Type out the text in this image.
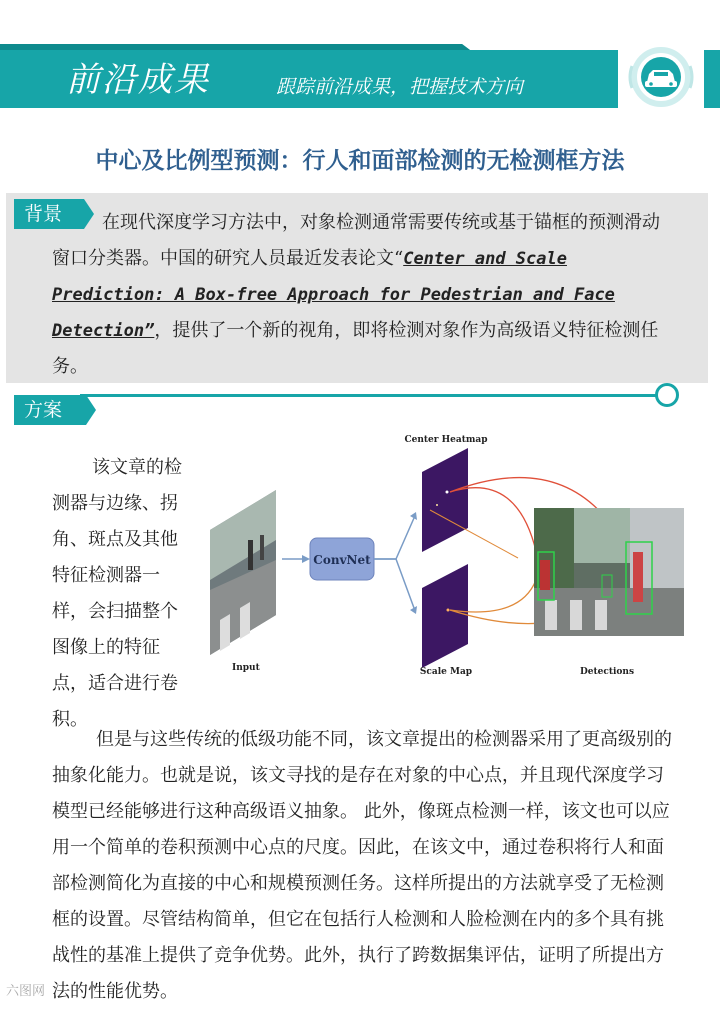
前沿成果	跟踪前沿成果，把握技术方向
中心及比例型预测：行人和面部检测的无检测框方法
背景	在现代深度学习方法中，对象检测通常需要传统或基于锚框的预测滑动窗口分类器。中国的研究人员最近发表论文“Center and Scale Prediction: A Box-free Approach for Pedestrian and Face Detection”，提供了一个新的视角，即将检测对象作为高级语义特征检测任务。
方案
该文章的检测器与边缘、拐角、斑点及其他特征检测器一样，会扫描整个图像上的特征点，适合进行卷积。
Input
ConvNet
Center Heatmap
Scale Map	Detections
但是与这些传统的低级功能不同，该文章提出的检测器采用了更高级别的抽象化能力。也就是说，该文寻找的是存在对象的中心点，并且现代深度学习模型已经能够进行这种高级语义抽象。 此外，像斑点检测一样，该文也可以应用一个简单的卷积预测中心点的尺度。因此，在该文中，通过卷积将行人和面部检测简化为直接的中心和规模预测任务。这样所提出的方法就享受了无检测框的设置。尽管结构简单，但它在包括行人检测和人脸检测在内的多个具有挑战性的基准上提供了竞争优势。此外，执行了跨数据集评估，证明了所提出方法的性能优势。
六图网
